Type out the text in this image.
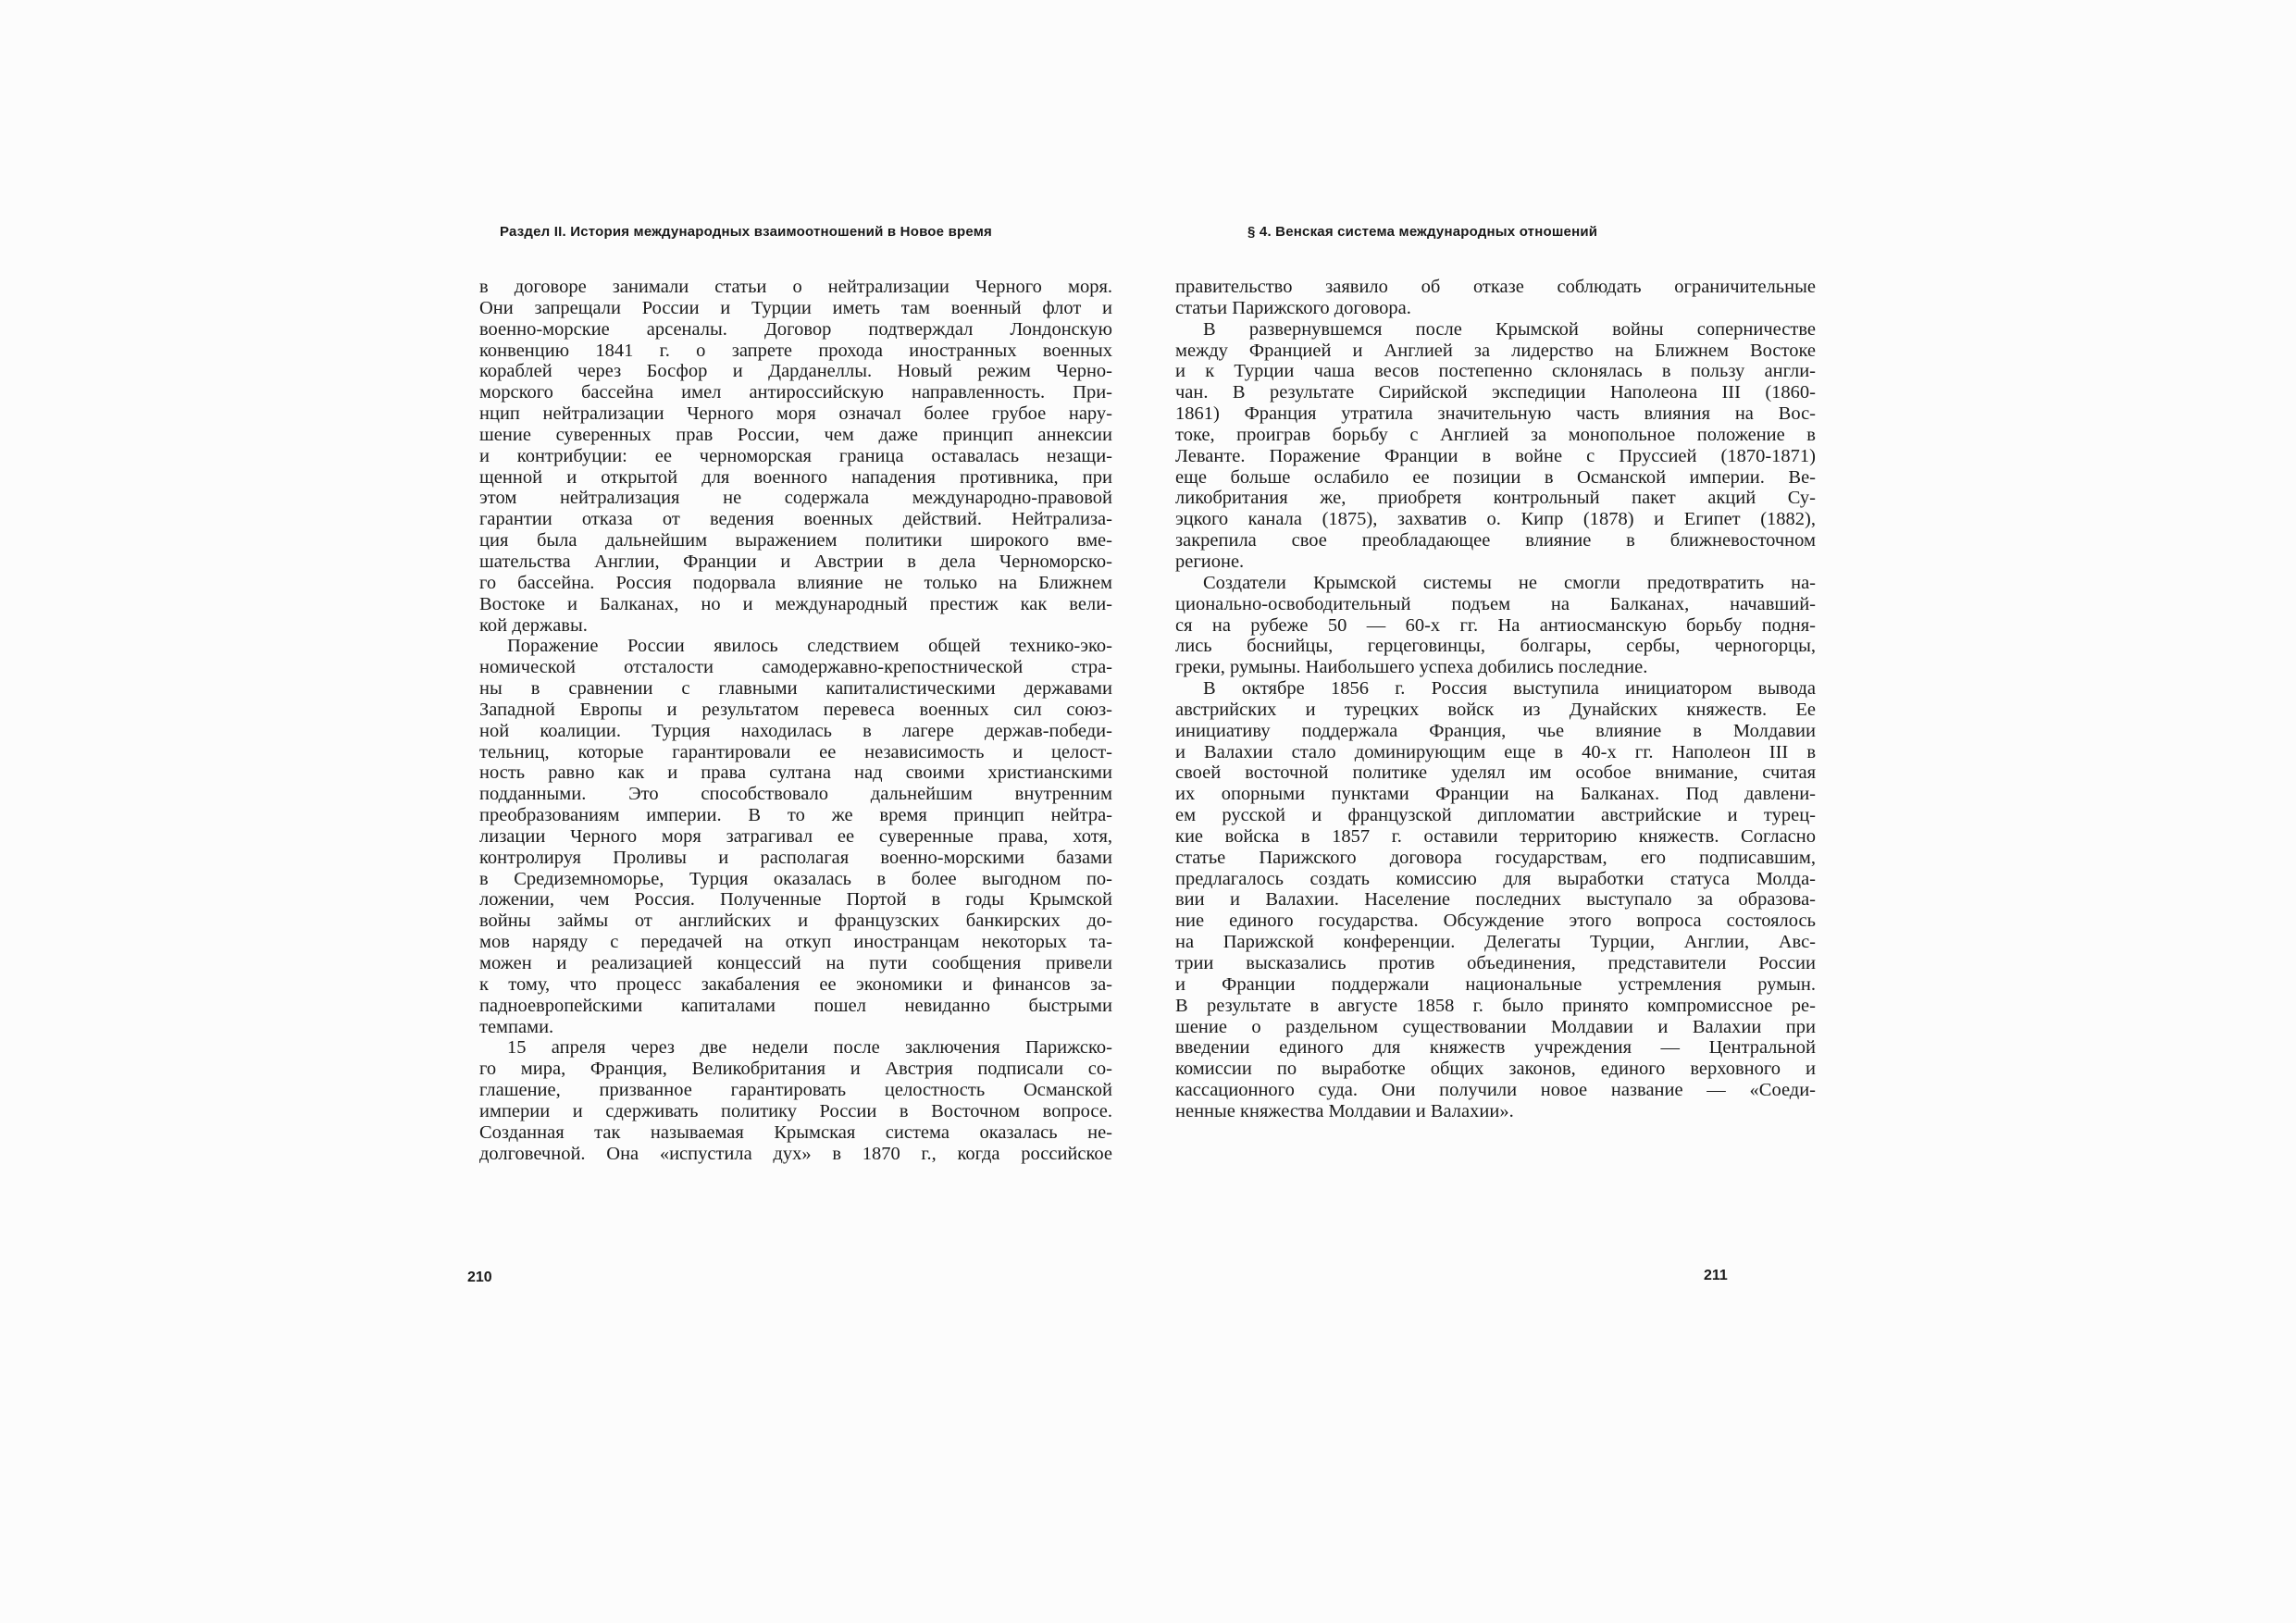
Раздел II. История международных взаимоотношений в Новое время	§ 4. Венская система международных отношений
в договоре занимали статьи о нейтрализации Черного моря.
Они запрещали России и Турции иметь там военный флот и
военно-морские арсеналы. Договор подтверждал Лондонскую
конвенцию 1841 г. о запрете прохода иностранных военных
кораблей через Босфор и Дарданеллы. Новый режим Черно-
морского бассейна имел антироссийскую направленность. При-
нцип нейтрализации Черного моря означал более грубое нару-
шение суверенных прав России, чем даже принцип аннексии
и контрибуции: ее черноморская граница оставалась незащи-
щенной и открытой для военного нападения противника, при
этом нейтрализация не содержала международно-правовой
гарантии отказа от ведения военных действий. Нейтрализа-
ция была дальнейшим выражением политики широкого вме-
шательства Англии, Франции и Австрии в дела Черноморско-
го бассейна. Россия подорвала влияние не только на Ближнем
Востоке и Балканах, но и международный престиж как вели-
кой державы.
Поражение России явилось следствием общей технико-эко-
номической отсталости самодержавно-крепостнической стра-
ны в сравнении с главными капиталистическими державами
Западной Европы и результатом перевеса военных сил союз-
ной коалиции. Турция находилась в лагере держав-победи-
тельниц, которые гарантировали ее независимость и целост-
ность равно как и права султана над своими христианскими
подданными. Это способствовало дальнейшим внутренним
преобразованиям империи. В то же время принцип нейтра-
лизации Черного моря затрагивал ее суверенные права, хотя,
контролируя Проливы и располагая военно-морскими базами
в Средиземноморье, Турция оказалась в более выгодном по-
ложении, чем Россия. Полученные Портой в годы Крымской
войны займы от английских и французских банкирских до-
мов наряду с передачей на откуп иностранцам некоторых та-
можен и реализацией концессий на пути сообщения привели
к тому, что процесс закабаления ее экономики и финансов за-
падноевропейскими капиталами пошел невиданно быстрыми
темпами.
15 апреля через две недели после заключения Парижско-
го мира, Франция, Великобритания и Австрия подписали со-
глашение, призванное гарантировать целостность Османской
империи и сдерживать политику России в Восточном вопросе.
Созданная так называемая Крымская система оказалась не-
долговечной. Она «испустила дух» в 1870 г., когда российское
правительство заявило об отказе соблюдать ограничительные
статьи Парижского договора.
В развернувшемся после Крымской войны соперничестве
между Францией и Англией за лидерство на Ближнем Востоке
и к Турции чаша весов постепенно склонялась в пользу англи-
чан. В результате Сирийской экспедиции Наполеона III (1860-
1861) Франция утратила значительную часть влияния на Вос-
токе, проиграв борьбу с Англией за монопольное положение в
Леванте. Поражение Франции в войне с Пруссией (1870-1871)
еще больше ослабило ее позиции в Османской империи. Ве-
ликобритания же, приобретя контрольный пакет акций Су-
эцкого канала (1875), захватив о. Кипр (1878) и Египет (1882),
закрепила свое преобладающее влияние в ближневосточном
регионе.
Создатели Крымской системы не смогли предотвратить на-
ционально-освободительный подъем на Балканах, начавший-
ся на рубеже 50 — 60-х гг. На антиосманскую борьбу подня-
лись боснийцы, герцеговинцы, болгары, сербы, черногорцы,
греки, румыны. Наибольшего успеха добились последние.
В октябре 1856 г. Россия выступила инициатором вывода
австрийских и турецких войск из Дунайских княжеств. Ее
инициативу поддержала Франция, чье влияние в Молдавии
и Валахии стало доминирующим еще в 40-х гг. Наполеон III в
своей восточной политике уделял им особое внимание, считая
их опорными пунктами Франции на Балканах. Под давлени-
ем русской и французской дипломатии австрийские и турец-
кие войска в 1857 г. оставили территорию княжеств. Согласно
статье Парижского договора государствам, его подписавшим,
предлагалось создать комиссию для выработки статуса Молда-
вии и Валахии. Население последних выступало за образова-
ние единого государства. Обсуждение этого вопроса состоялось
на Парижской конференции. Делегаты Турции, Англии, Авс-
трии высказались против объединения, представители России
и Франции поддержали национальные устремления румын.
В результате в августе 1858 г. было принято компромиссное ре-
шение о раздельном существовании Молдавии и Валахии при
введении единого для княжеств учреждения — Центральной
комиссии по выработке общих законов, единого верховного и
кассационного суда. Они получили новое название — «Соеди-
ненные княжества Молдавии и Валахии».
210	211
